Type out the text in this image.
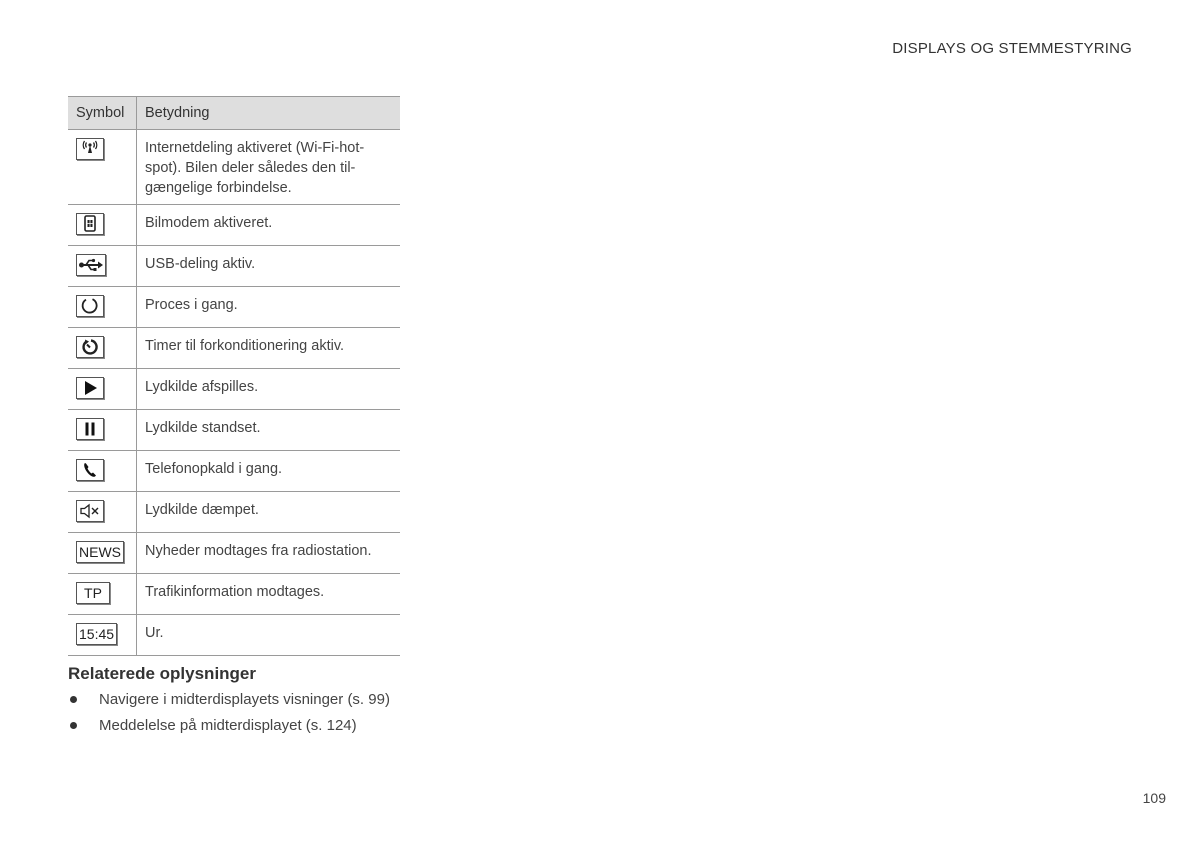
DISPLAYS OG STEMMESTYRING
Symbol	Betydning

	Internetdeling aktiveret (Wi-Fi-hot-spot). Bilen deler således den til-gængelige forbindelse.

	Bilmodem aktiveret.

	USB-deling aktiv.

	Proces i gang.

	Timer til forkonditionering aktiv.

	Lydkilde afspilles.

	Lydkilde standset.

	Telefonopkald i gang.

	Lydkilde dæmpet.
NEWS	Nyheder modtages fra radiostation.
TP	Trafikinformation modtages.
15:45	Ur.
Relaterede oplysninger
Navigere i midterdisplayets visninger (s. 99)
Meddelelse på midterdisplayet (s. 124)
109
